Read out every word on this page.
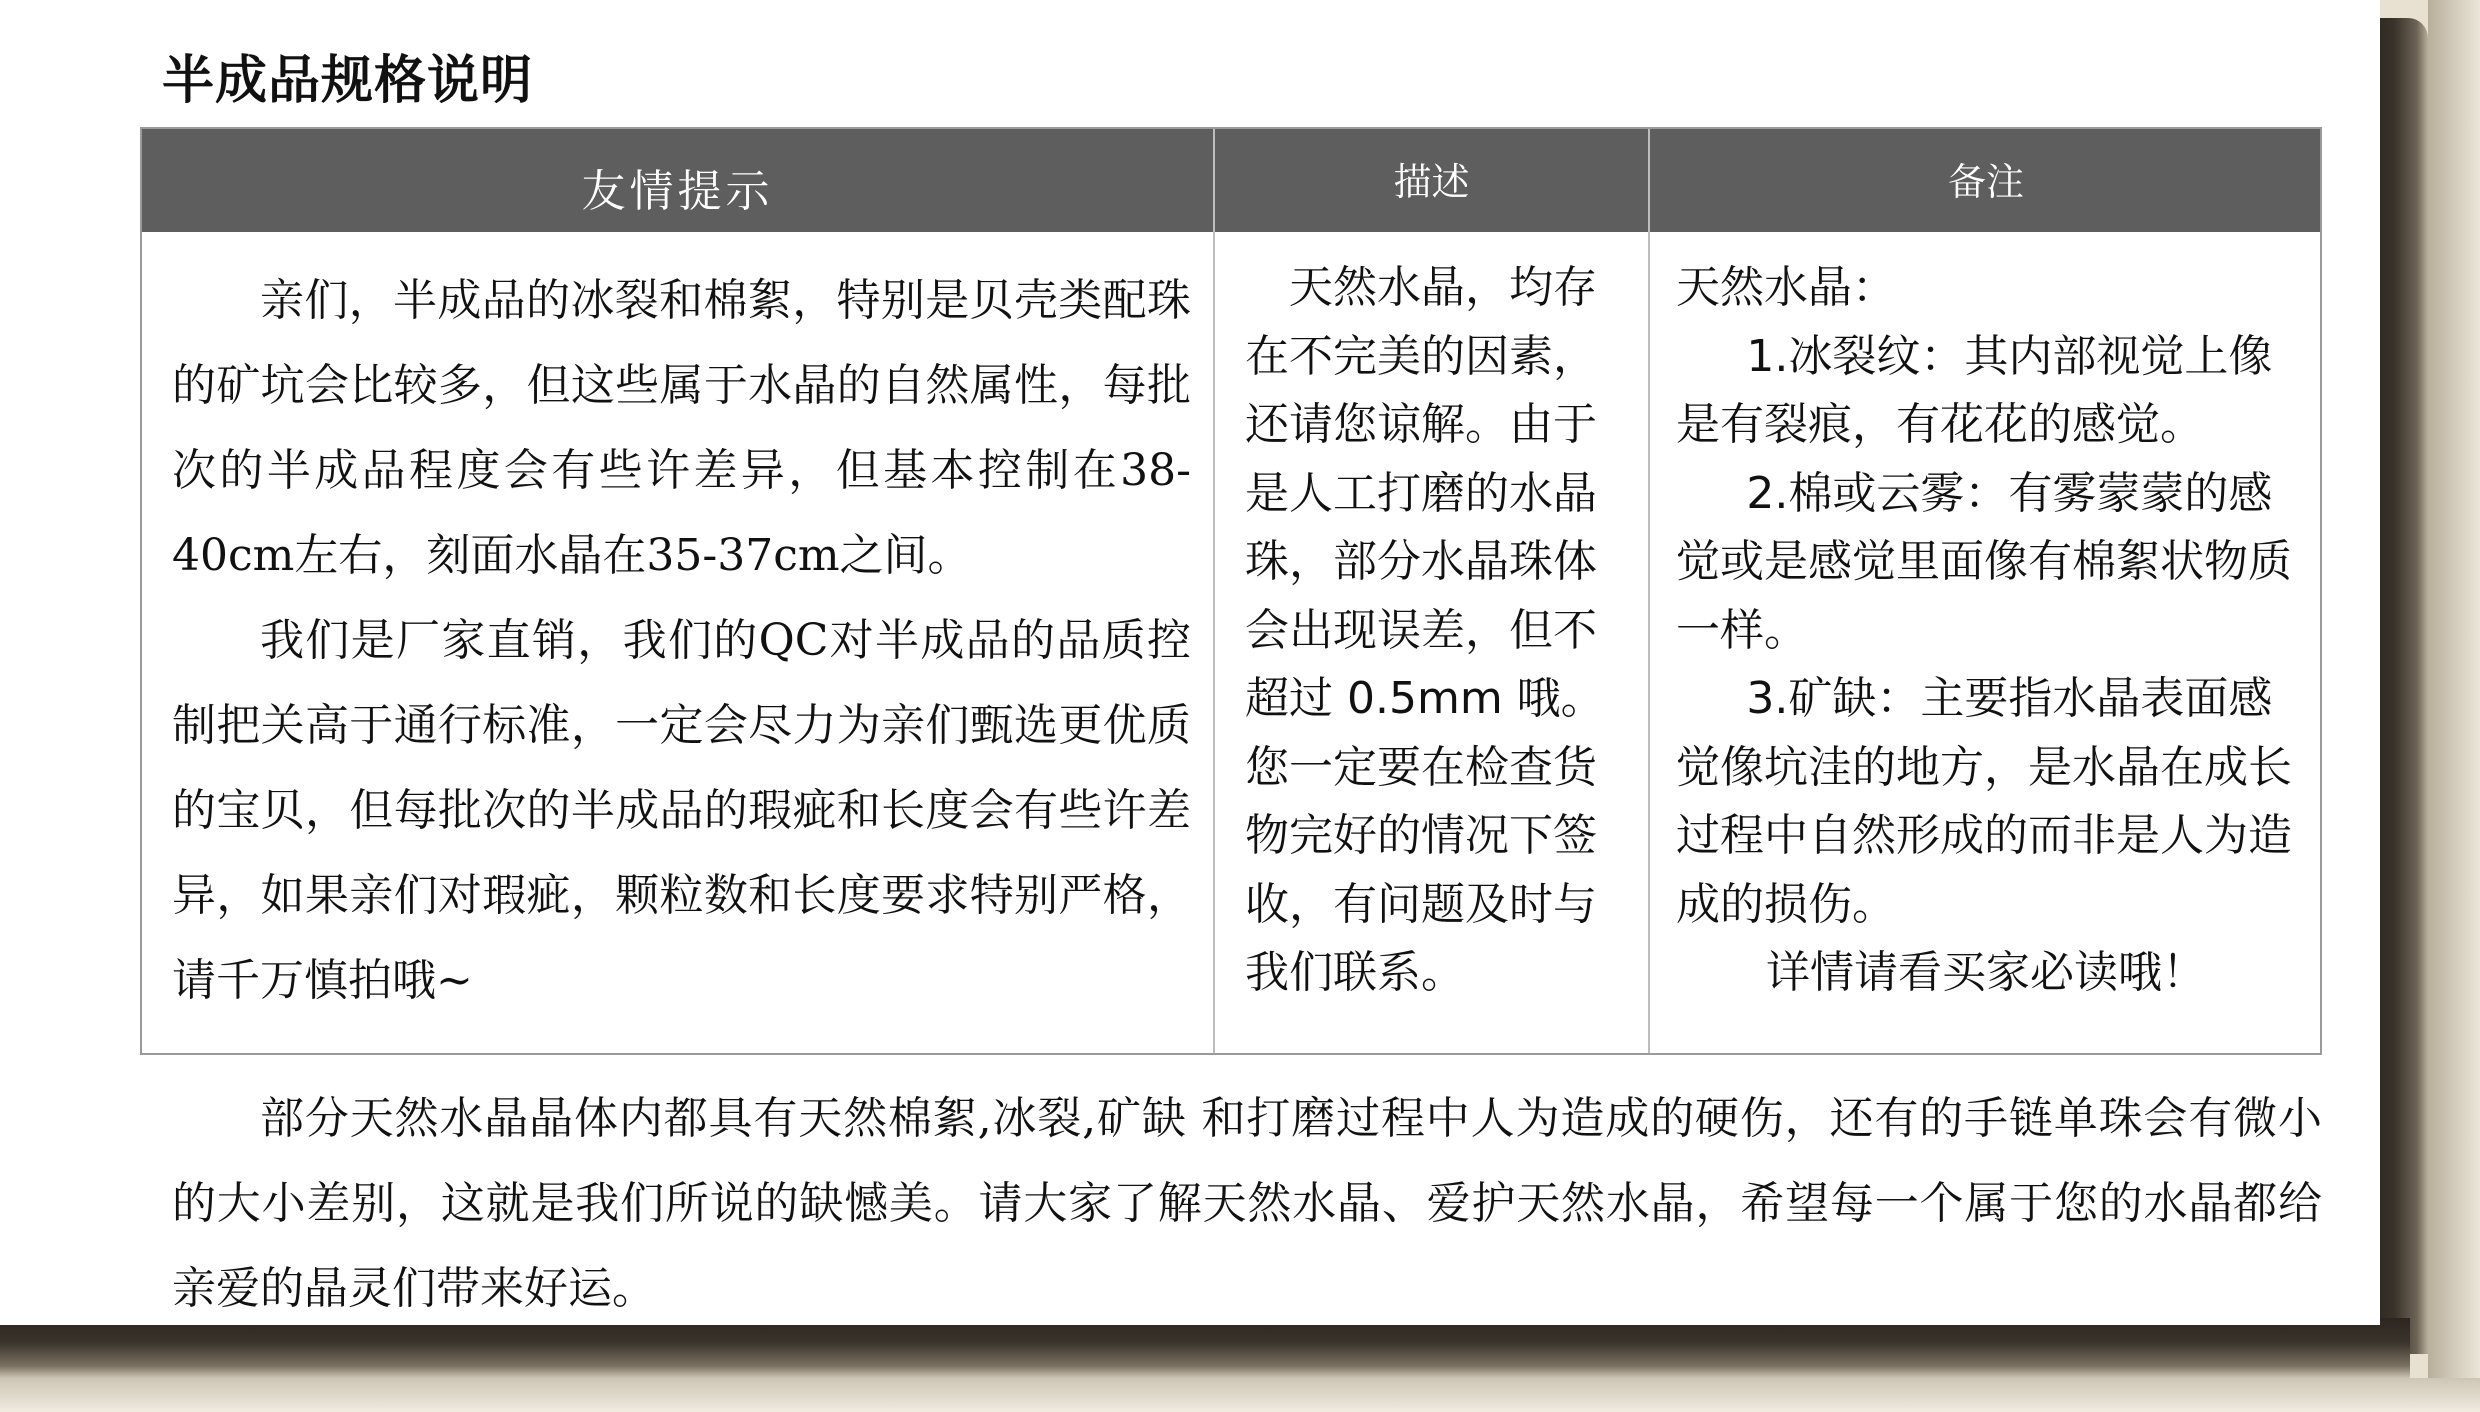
半成品规格说明
友情提示	描述	备注

亲们，半成品的冰裂和棉絮，特别是贝壳类配珠的矿坑会比较多，但这些属于水晶的自然属性，每批次的半成品程度会有些许差异，但基本控制在38-40cm左右，刻面水晶在35-37cm之间。

我们是厂家直销，我们的QC对半成品的品质控制把关高于通行标准，一定会尽力为亲们甄选更优质的宝贝，但每批次的半成品的瑕疵和长度会有些许差异，如果亲们对瑕疵，颗粒数和长度要求特别严格，请千万慎拍哦~

天然水晶，均存在不完美的因素，还请您谅解。由于是人工打磨的水晶珠，部分水晶珠体会出现误差，但不超过 0.5mm 哦。您一定要在检查货物完好的情况下签收，有问题及时与我们联系。

天然水晶：

1.冰裂纹：其内部视觉上像是有裂痕，有花花的感觉。

2.棉或云雾：有雾蒙蒙的感觉或是感觉里面像有棉絮状物质一样。

3.矿缺：主要指水晶表面感觉像坑洼的地方，是水晶在成长过程中自然形成的而非是人为造成的损伤。

详情请看买家必读哦！

部分天然水晶晶体内都具有天然棉絮,冰裂,矿缺 和打磨过程中人为造成的硬伤，还有的手链单珠会有微小的大小差别，这就是我们所说的缺憾美。请大家了解天然水晶、爱护天然水晶，希望每一个属于您的水晶都给亲爱的晶灵们带来好运。
